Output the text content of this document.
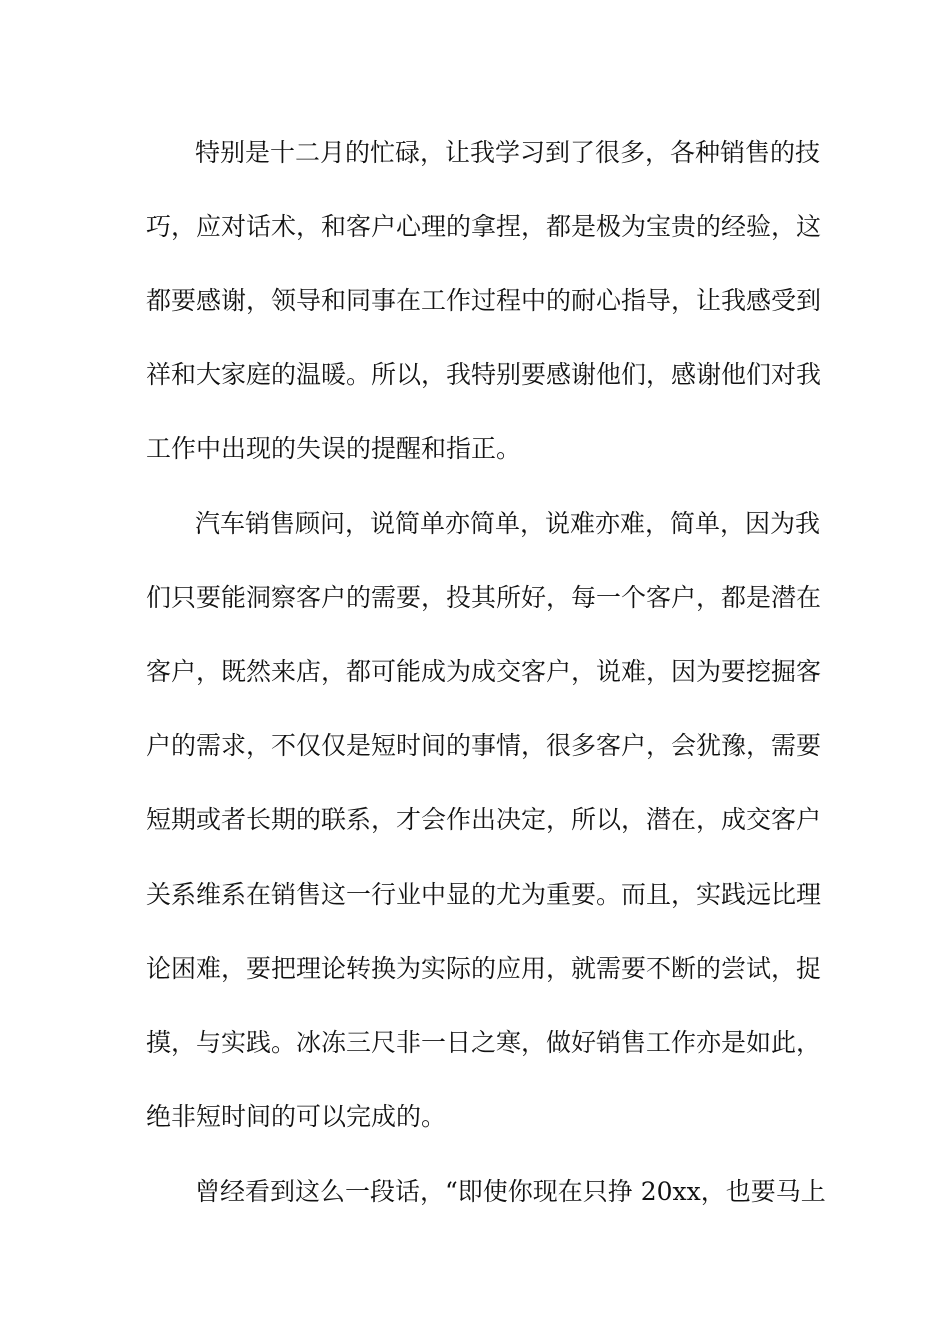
特别是十二月的忙碌，让我学习到了很多，各种销售的技

巧，应对话术，和客户心理的拿捏，都是极为宝贵的经验，这

都要感谢，领导和同事在工作过程中的耐心指导，让我感受到

祥和大家庭的温暖。所以，我特别要感谢他们，感谢他们对我

工作中出现的失误的提醒和指正。

汽车销售顾问，说简单亦简单，说难亦难，简单，因为我

们只要能洞察客户的需要，投其所好，每一个客户，都是潜在

客户，既然来店，都可能成为成交客户，说难，因为要挖掘客

户的需求，不仅仅是短时间的事情，很多客户，会犹豫，需要

短期或者长期的联系，才会作出决定，所以，潜在，成交客户

关系维系在销售这一行业中显的尤为重要。而且，实践远比理

论困难，要把理论转换为实际的应用，就需要不断的尝试，捉

摸，与实践。冰冻三尺非一日之寒，做好销售工作亦是如此，

绝非短时间的可以完成的。

曾经看到这么一段话，“即使你现在只挣 20xx，也要马上
